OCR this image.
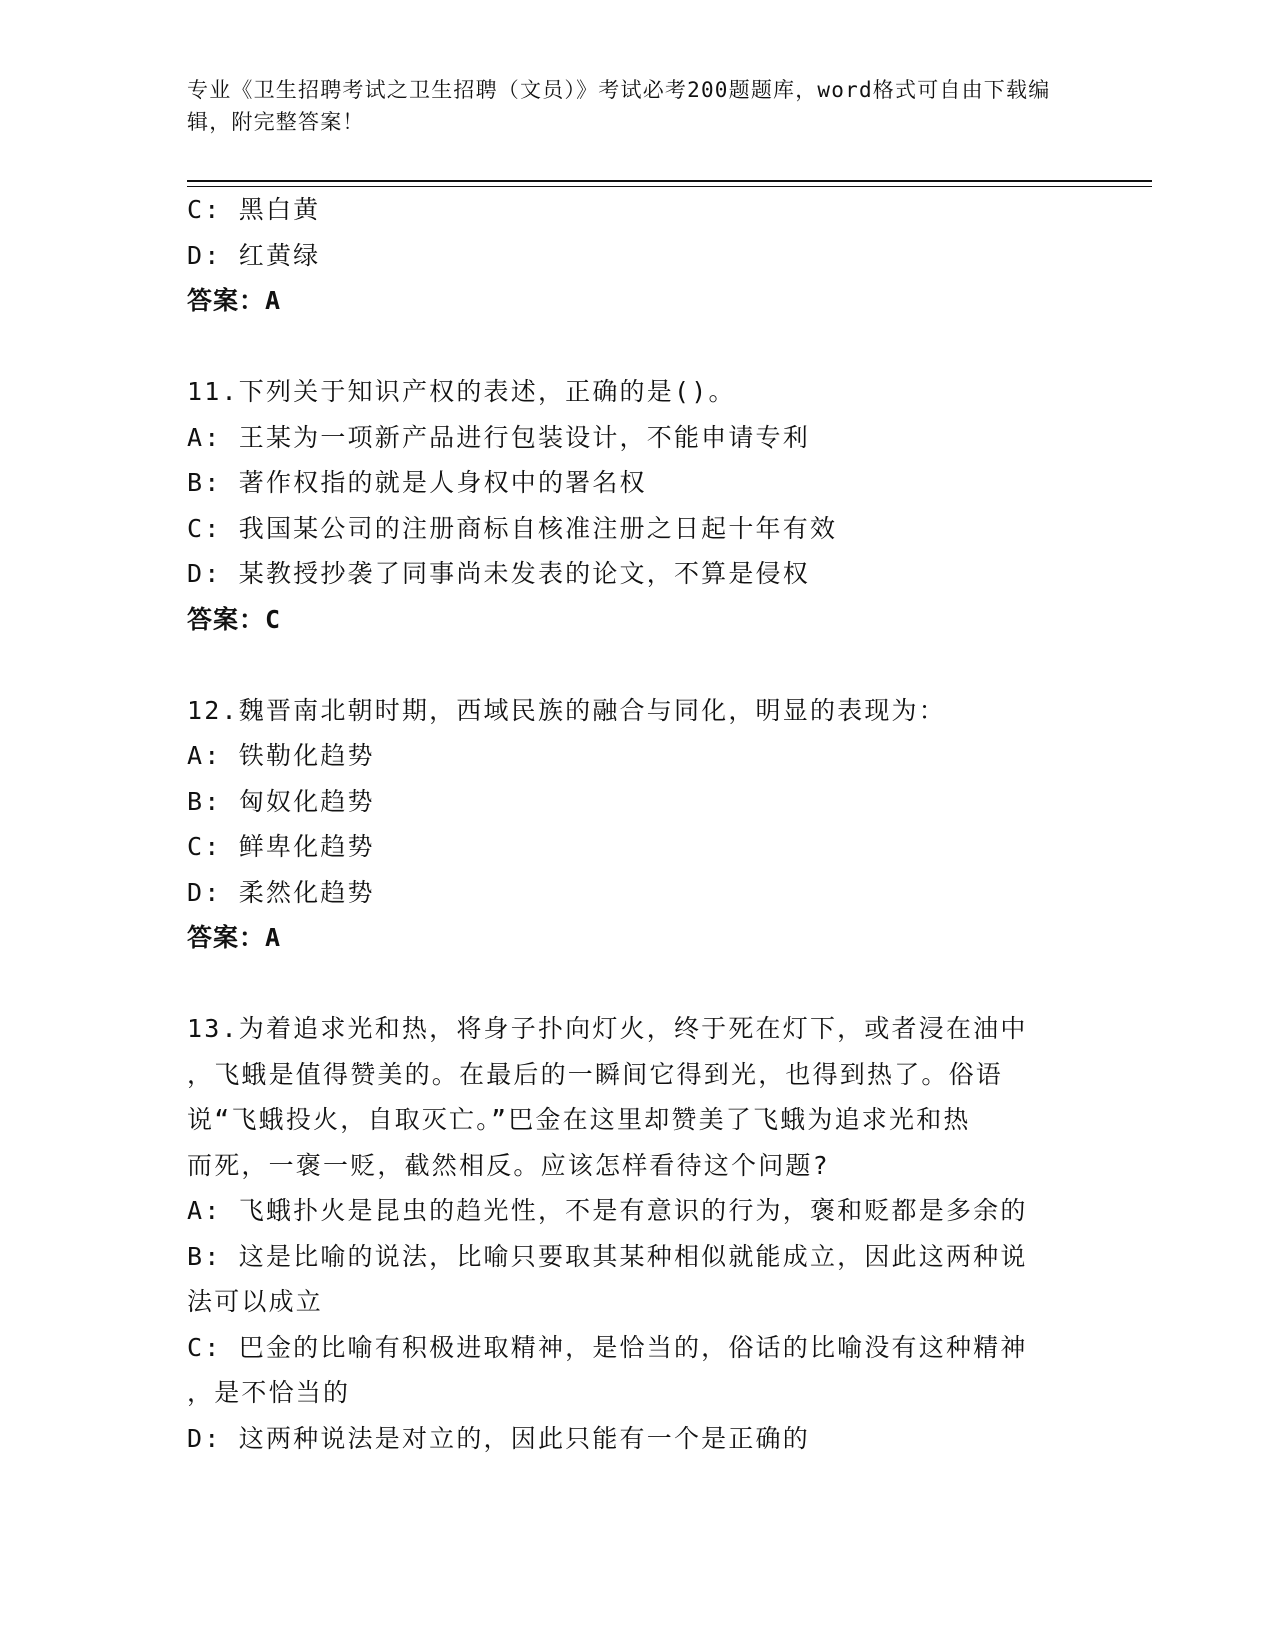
专业《卫生招聘考试之卫生招聘（文员）》考试必考200题题库，word格式可自由下载编辑，附完整答案！
C: 黑白黄
D: 红黄绿
答案：A
11.下列关于知识产权的表述，正确的是()。
A: 王某为一项新产品进行包装设计，不能申请专利
B: 著作权指的就是人身权中的署名权
C: 我国某公司的注册商标自核准注册之日起十年有效
D: 某教授抄袭了同事尚未发表的论文，不算是侵权
答案：C
12.魏晋南北朝时期，西域民族的融合与同化，明显的表现为：
A: 铁勒化趋势
B: 匈奴化趋势
C: 鲜卑化趋势
D: 柔然化趋势
答案：A
13.为着追求光和热，将身子扑向灯火，终于死在灯下，或者浸在油中
，飞蛾是值得赞美的。在最后的一瞬间它得到光，也得到热了。俗语
说“飞蛾投火，自取灭亡。”巴金在这里却赞美了飞蛾为追求光和热
而死，一褒一贬，截然相反。应该怎样看待这个问题?
A: 飞蛾扑火是昆虫的趋光性，不是有意识的行为，褒和贬都是多余的
B: 这是比喻的说法，比喻只要取其某种相似就能成立，因此这两种说
法可以成立
C: 巴金的比喻有积极进取精神，是恰当的，俗话的比喻没有这种精神
，是不恰当的
D: 这两种说法是对立的，因此只能有一个是正确的
